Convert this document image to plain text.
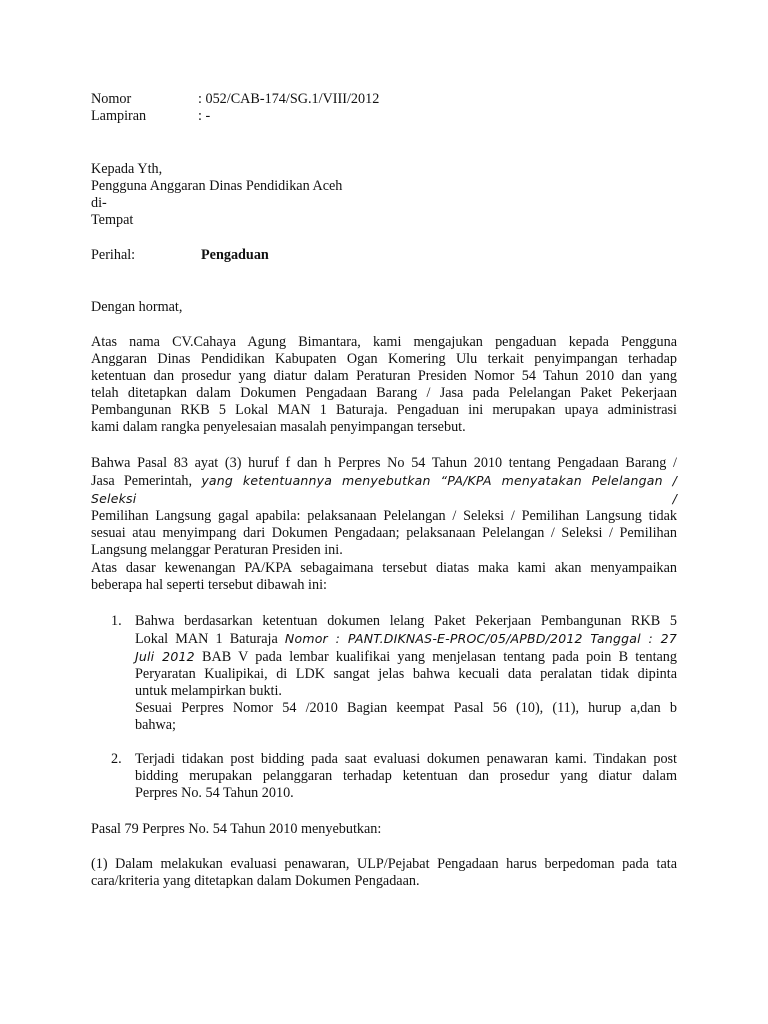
Nomor	: 052/CAB-174/SG.1/VIII/2012
Lampiran	: -
Kepada Yth,
Pengguna Anggaran Dinas Pendidikan Aceh
di-
Tempat
Perihal:	Pengaduan
Dengan hormat,
Atas nama CV.Cahaya Agung Bimantara, kami mengajukan pengaduan kepada Pengguna
Anggaran Dinas Pendidikan Kabupaten Ogan Komering Ulu terkait penyimpangan terhadap
ketentuan dan prosedur yang diatur dalam Peraturan Presiden Nomor 54 Tahun 2010 dan yang
telah ditetapkan dalam Dokumen Pengadaan Barang / Jasa pada Pelelangan Paket Pekerjaan
Pembangunan RKB 5 Lokal MAN 1 Baturaja. Pengaduan ini merupakan upaya administrasi
kami dalam rangka penyelesaian masalah penyimpangan tersebut.
Bahwa Pasal 83 ayat (3) huruf f dan h Perpres No 54 Tahun 2010 tentang Pengadaan Barang /
Jasa Pemerintah, yang ketentuannya menyebutkan “PA/KPA menyatakan Pelelangan / Seleksi /
Pemilihan Langsung gagal apabila: pelaksanaan Pelelangan / Seleksi / Pemilihan Langsung tidak
sesuai atau menyimpang dari Dokumen Pengadaan; pelaksanaan Pelelangan / Seleksi / Pemilihan
Langsung melanggar Peraturan Presiden ini.
Atas dasar kewenangan PA/KPA sebagaimana tersebut diatas maka kami akan menyampaikan
beberapa hal seperti tersebut dibawah ini:
1. Bahwa berdasarkan ketentuan dokumen lelang Paket Pekerjaan Pembangunan RKB 5
Lokal MAN 1 Baturaja Nomor : PANT.DIKNAS-E-PROC/05/APBD/2012 Tanggal : 27
Juli 2012 BAB V pada lembar kualifikai yang menjelasan tentang pada poin B tentang
Peryaratan Kualipikai, di LDK sangat jelas bahwa kecuali data peralatan tidak dipinta
untuk melampirkan bukti.
Sesuai Perpres Nomor 54 /2010 Bagian keempat Pasal 56 (10), (11), hurup a,dan b
bahwa;
2. Terjadi tidakan post bidding pada saat evaluasi dokumen penawaran kami. Tindakan post
bidding merupakan pelanggaran terhadap ketentuan dan prosedur yang diatur dalam
Perpres No. 54 Tahun 2010.
Pasal 79 Perpres No. 54 Tahun 2010 menyebutkan:
(1) Dalam melakukan evaluasi penawaran, ULP/Pejabat Pengadaan harus berpedoman pada tata
cara/kriteria yang ditetapkan dalam Dokumen Pengadaan.
